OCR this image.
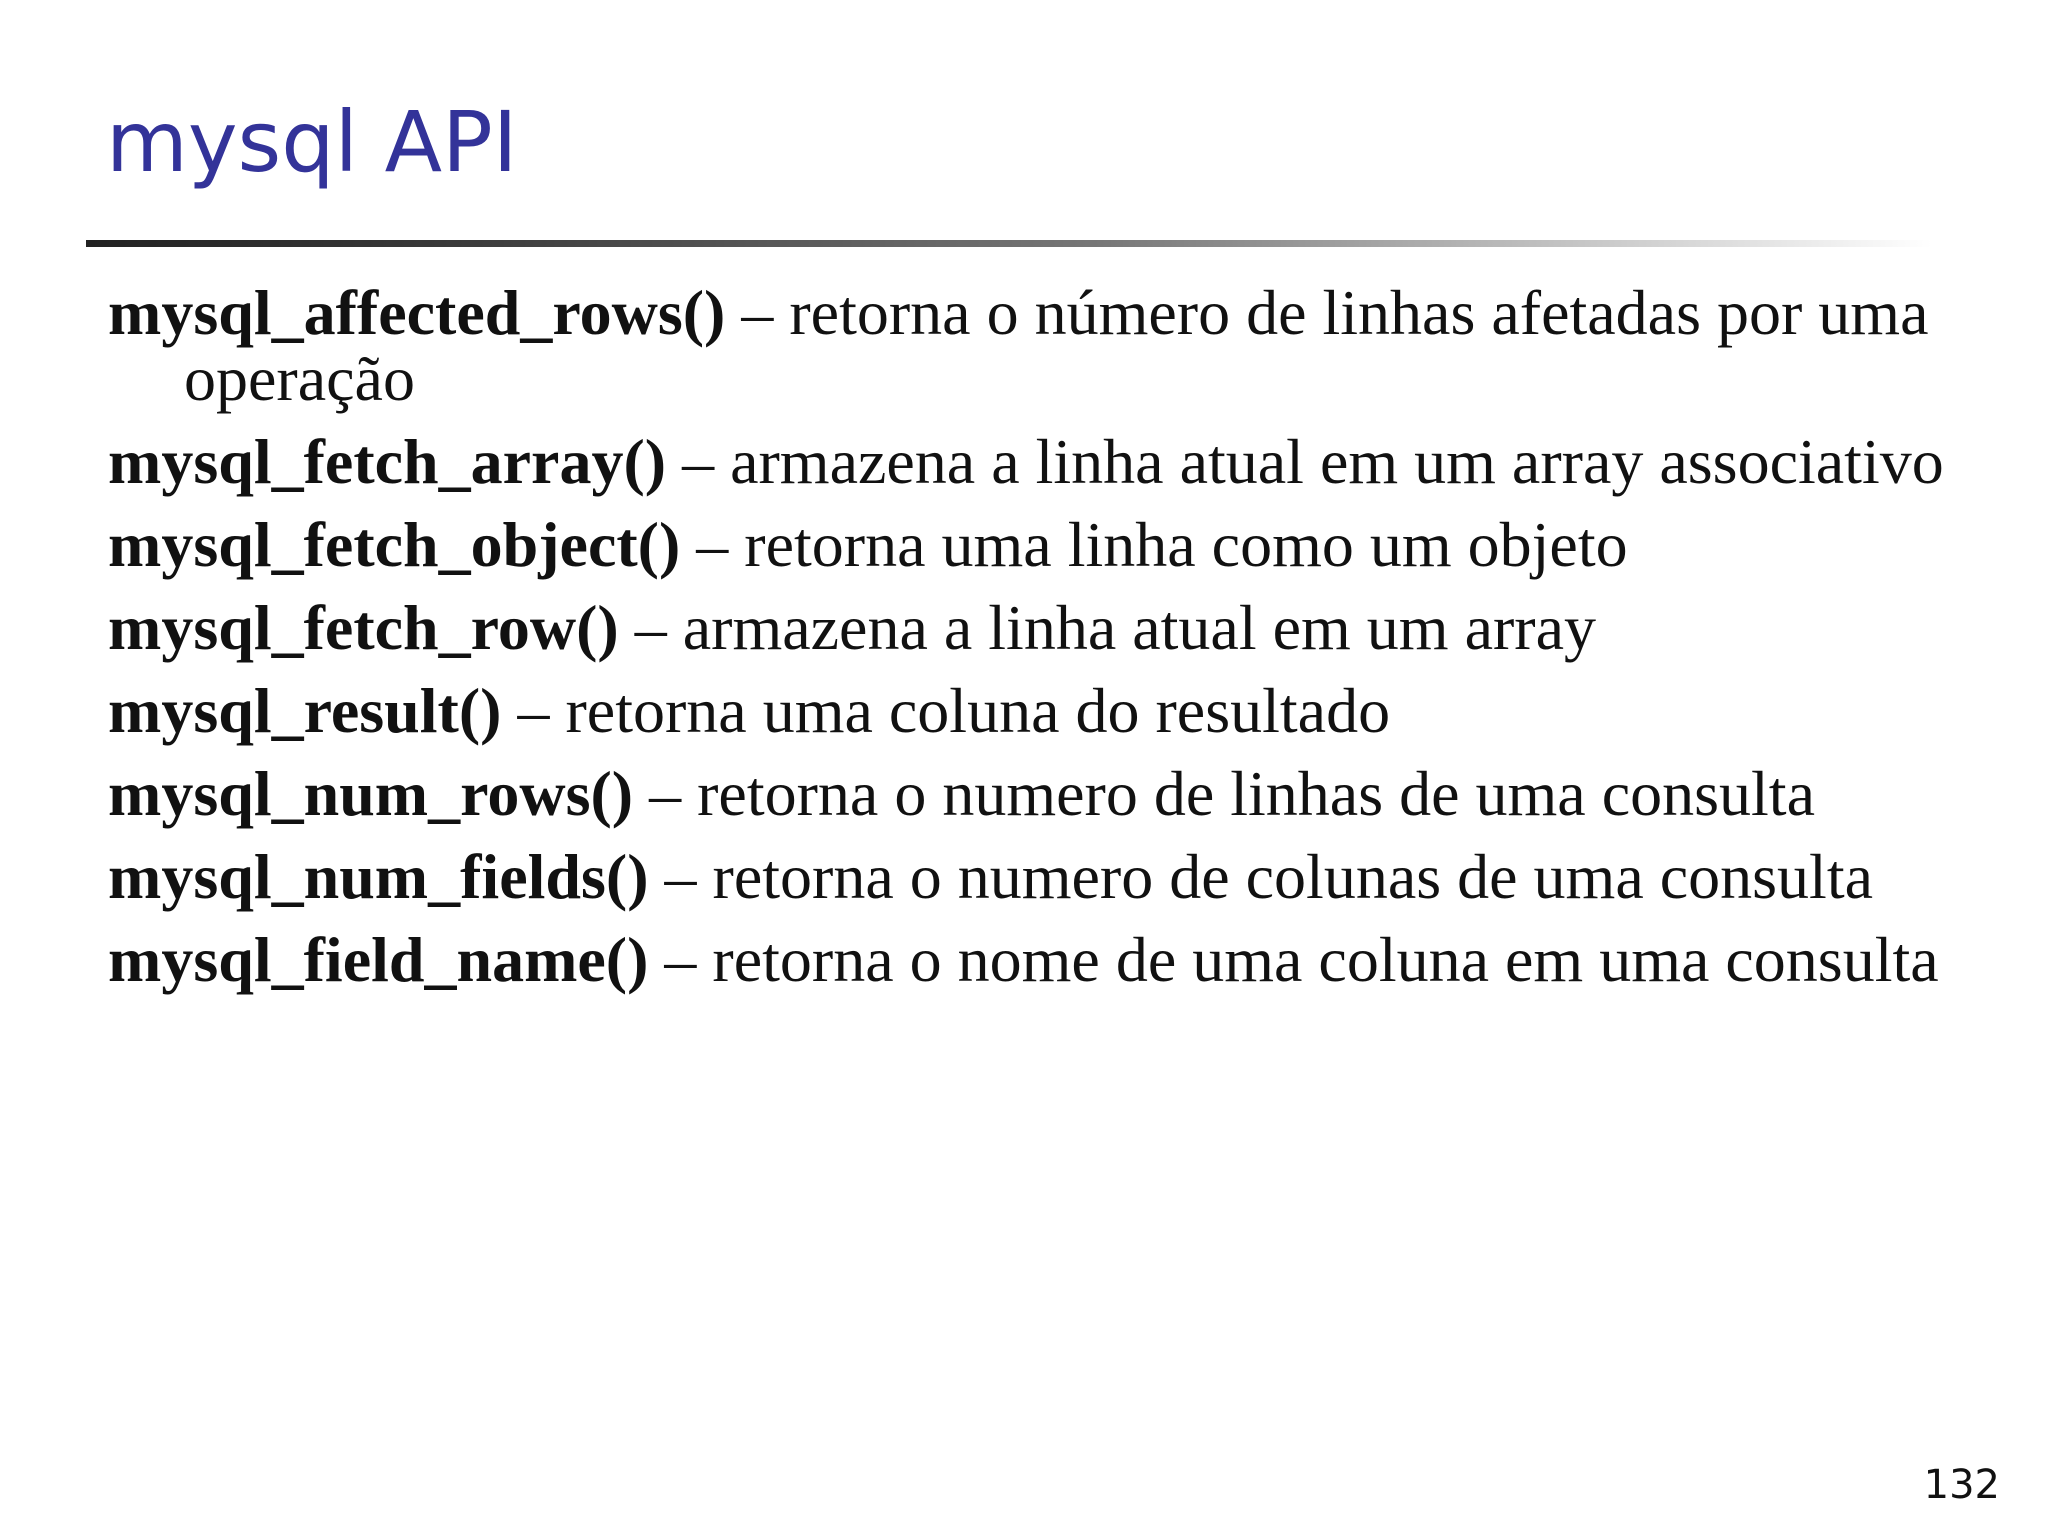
mysql API

mysql_affected_rows() – retorna o número de linhas afetadas por uma operação

mysql_fetch_array() – armazena a linha atual em um array associativo

mysql_fetch_object() – retorna uma linha como um objeto

mysql_fetch_row() – armazena a linha atual em um array

mysql_result() – retorna uma coluna do resultado

mysql_num_rows() – retorna o numero de linhas de uma consulta

mysql_num_fields() – retorna o numero de colunas de uma consulta

mysql_field_name() – retorna o nome de uma coluna em uma consulta

132
